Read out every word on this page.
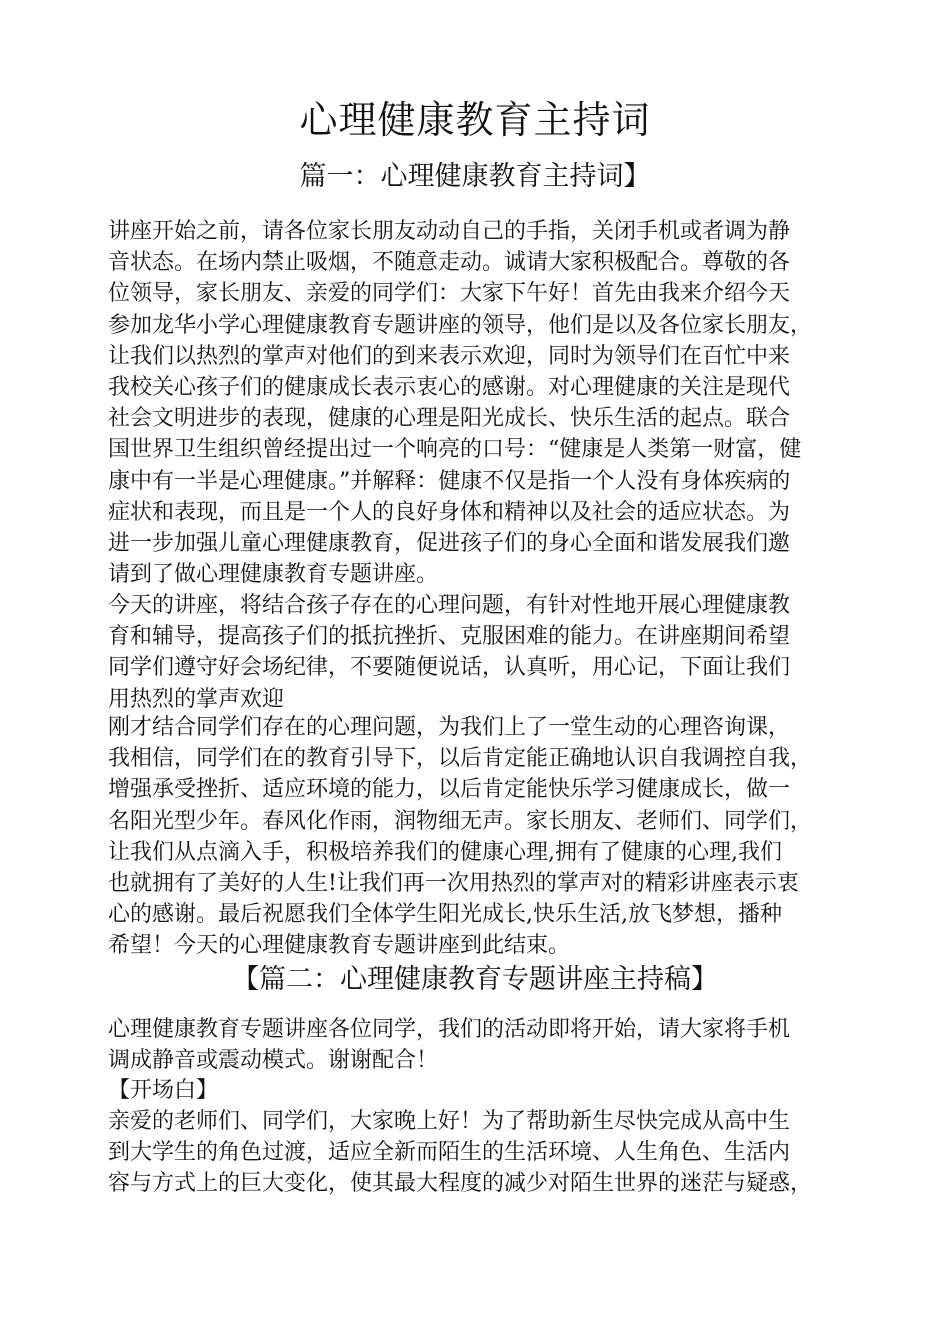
心理健康教育主持词
篇一：心理健康教育主持词】

讲座开始之前，请各位家长朋友动动自己的手指，关闭手机或者调为静
音状态。在场内禁止吸烟，不随意走动。诚请大家积极配合。尊敬的各
位领导，家长朋友、亲爱的同学们：大家下午好！首先由我来介绍今天
参加龙华小学心理健康教育专题讲座的领导，他们是以及各位家长朋友，
让我们以热烈的掌声对他们的到来表示欢迎，同时为领导们在百忙中来
我校关心孩子们的健康成长表示衷心的感谢。对心理健康的关注是现代
社会文明进步的表现，健康的心理是阳光成长、快乐生活的起点。联合
国世界卫生组织曾经提出过一个响亮的口号：“健康是人类第一财富，健
康中有一半是心理健康。”并解释：健康不仅是指一个人没有身体疾病的
症状和表现，而且是一个人的良好身体和精神以及社会的适应状态。为
进一步加强儿童心理健康教育，促进孩子们的身心全面和谐发展我们邀
请到了做心理健康教育专题讲座。

今天的讲座，将结合孩子存在的心理问题，有针对性地开展心理健康教
育和辅导，提高孩子们的抵抗挫折、克服困难的能力。在讲座期间希望
同学们遵守好会场纪律，不要随便说话，认真听，用心记，下面让我们
用热烈的掌声欢迎

刚才结合同学们存在的心理问题，为我们上了一堂生动的心理咨询课，
我相信，同学们在的教育引导下，以后肯定能正确地认识自我调控自我，
增强承受挫折、适应环境的能力，以后肯定能快乐学习健康成长，做一
名阳光型少年。春风化作雨，润物细无声。家长朋友、老师们、同学们，
让我们从点滴入手，积极培养我们的健康心理,拥有了健康的心理,我们
也就拥有了美好的人生!让我们再一次用热烈的掌声对的精彩讲座表示衷
心的感谢。最后祝愿我们全体学生阳光成长,快乐生活,放飞梦想，播种
希望！今天的心理健康教育专题讲座到此结束。

【篇二：心理健康教育专题讲座主持稿】

心理健康教育专题讲座各位同学，我们的活动即将开始，请大家将手机
调成静音或震动模式。谢谢配合！

【开场白】

亲爱的老师们、同学们，大家晚上好！为了帮助新生尽快完成从高中生
到大学生的角色过渡，适应全新而陌生的生活环境、人生角色、生活内
容与方式上的巨大变化，使其最大程度的减少对陌生世界的迷茫与疑惑，
